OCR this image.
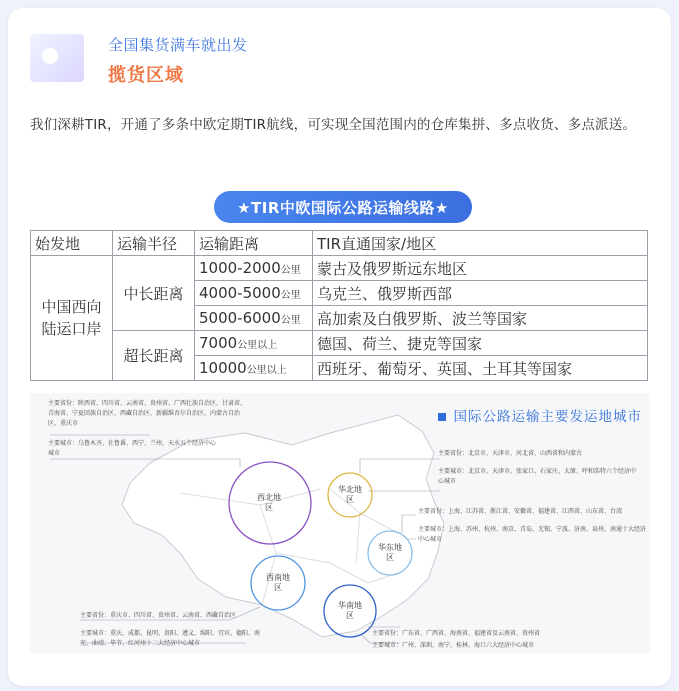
全国集货满车就出发
揽货区域

我们深耕TIR，开通了多条中欧定期TIR航线，可实现全国范围内的仓库集拼、多点收货、多点派送。

★TIR中欧国际公路运输线路★
始发地	运输半径	运输距离	TIR直通国家/地区
中国西向陆运口岸	中长距离	1000-2000公里	蒙古及俄罗斯远东地区
		4000-5000公里	乌克兰、俄罗斯西部
		5000-6000公里	高加索及白俄罗斯、波兰等国家
	超长距离	7000公里以上	德国、荷兰、捷克等国家
		10000公里以上	西班牙、葡萄牙、英国、土耳其等国家
国际公路运输主要发运地城市
主要省份：陕西省、四川省、云南省、贵州省、广西壮族自治区、甘肃省、青海省、宁夏回族自治区、西藏自治区、新疆维吾尔自治区、内蒙古自治区、重庆市
主要城市：乌鲁木齐、社鲁番、西宁、兰州、天水五个经济中心城市	主要省份：北京市、天津市、河北省、山西省和内蒙古
主要城市：北京市、天津市、张家口、石家庄、太原、呼和浩特六个经济中心城市
主要省份：上海、江苏省、浙江省、安徽省、福建省、江西省、山东省、台湾
主要城市：上海、苏州、杭州、南京、青岛、无锡、宁波、济南、泉州、南通十大经济中心城市
主要省份：重庆市、四川省、贵州省、云南省、西藏自治区
主要城市：重庆、成都、昆明、贵阳、遵义、绵阳、宜宾、德阳、南充、曲靖、毕节、红河州十二大经济中心城市
主要省份：广东省、广西省、海南省、福建省及云南省、贵州省
主要城市：广州、深圳、南宁、桂林、海口六大经济中心城市
西北地区
华北地区
华东地区
西南地区
华南地区
